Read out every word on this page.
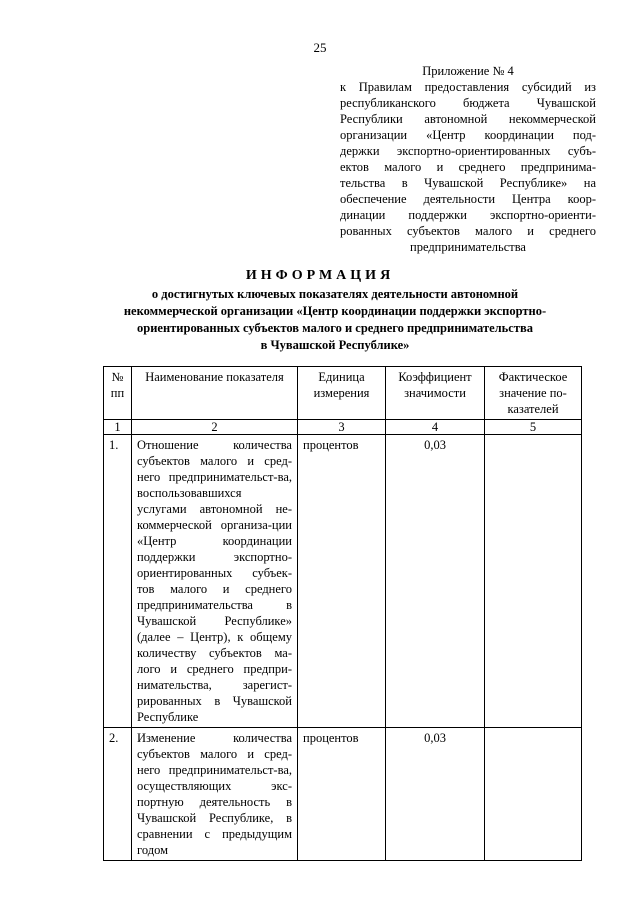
25
Приложение № 4
к Правилам предоставления субсидий из
республиканского бюджета Чувашской
Республики автономной некоммерческой
организации «Центр координации под-
держки экспортно-ориентированных субъ-
ектов малого и среднего предпринима-
тельства в Чувашской Республике» на
обеспечение деятельности Центра коор-
динации поддержки экспортно-ориенти-
рованных субъектов малого и среднего
предпринимательства
ИНФОРМАЦИЯ
о достигнутых ключевых показателях деятельности автономной
некоммерческой организации «Центр координации поддержки экспортно-
ориентированных субъектов малого и среднего предпринимательства
в Чувашской Республике»
№ пп	Наименование показателя	Единица измерения	Коэффициент значимости	Фактическое значение по-казателей
1	2	3	4	5
1.	Отношение количества субъектов малого и сред-него предпринимательст-ва, воспользовавшихся услугами автономной не-коммерческой организа-ции «Центр координации поддержки экспортно-ориентированных субъек-тов малого и среднего предпринимательства в Чувашской Республике» (далее – Центр), к общему количеству субъектов ма-лого и среднего предпри-нимательства, зарегист-рированных в Чувашской Республике	процентов	0,03	
2.	Изменение количества субъектов малого и сред-него предпринимательст-ва, осуществляющих экс-портную деятельность в Чувашской Республике, в сравнении с предыдущим годом	процентов	0,03	
